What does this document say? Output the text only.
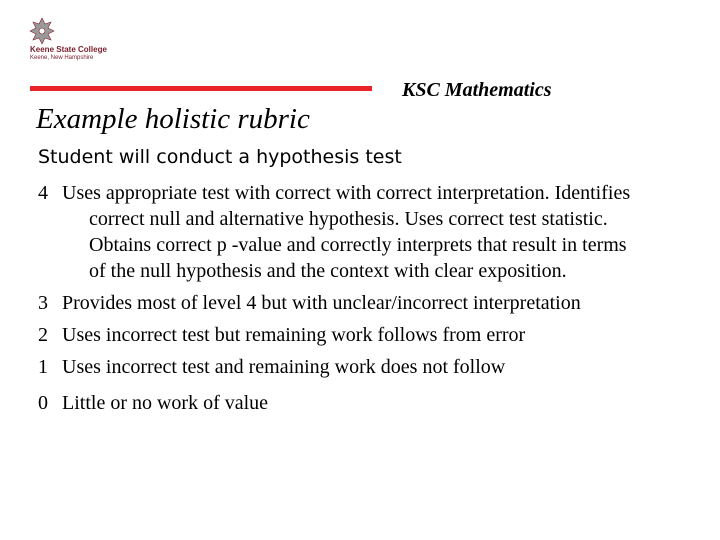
Keene State College
Keene, New Hampshire
KSC Mathematics
Example holistic rubric
Student will conduct a hypothesis test
4 Uses appropriate test with correct with correct interpretation. Identifies correct null and alternative hypothesis. Uses correct test statistic. Obtains correct p -value and correctly interprets that result in terms of the null hypothesis and the context with clear exposition.
3 Provides most of level 4 but with unclear/incorrect interpretation
2 Uses incorrect test but remaining work follows from error
1 Uses incorrect test and remaining work does not follow
0 Little or no work of value
